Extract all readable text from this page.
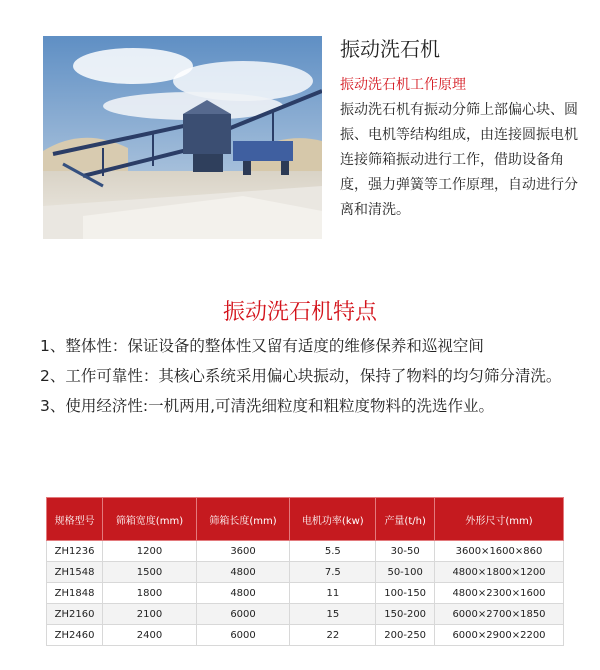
振动洗石机
振动洗石机工作原理
振动洗石机有振动分筛上部偏心块、圆振、电机等结构组成，由连接圆振电机连接筛箱振动进行工作，借助设备角度，强力弹簧等工作原理，自动进行分离和清洗。
振动洗石机特点

1、整体性：保证设备的整体性又留有适度的维修保养和巡视空间

2、工作可靠性：其核心系统采用偏心块振动，保持了物料的均匀筛分清洗。

3、使用经济性:一机两用,可清洗细粒度和粗粒度物料的洗选作业。

规格型号	筛箱宽度(mm)	筛箱长度(mm)	电机功率(kw)	产量(t/h)	外形尺寸(mm)
ZH1236	1200	3600	5.5	30-50	3600×1600×860
ZH1548	1500	4800	7.5	50-100	4800×1800×1200
ZH1848	1800	4800	11	100-150	4800×2300×1600
ZH2160	2100	6000	15	150-200	6000×2700×1850
ZH2460	2400	6000	22	200-250	6000×2900×2200
